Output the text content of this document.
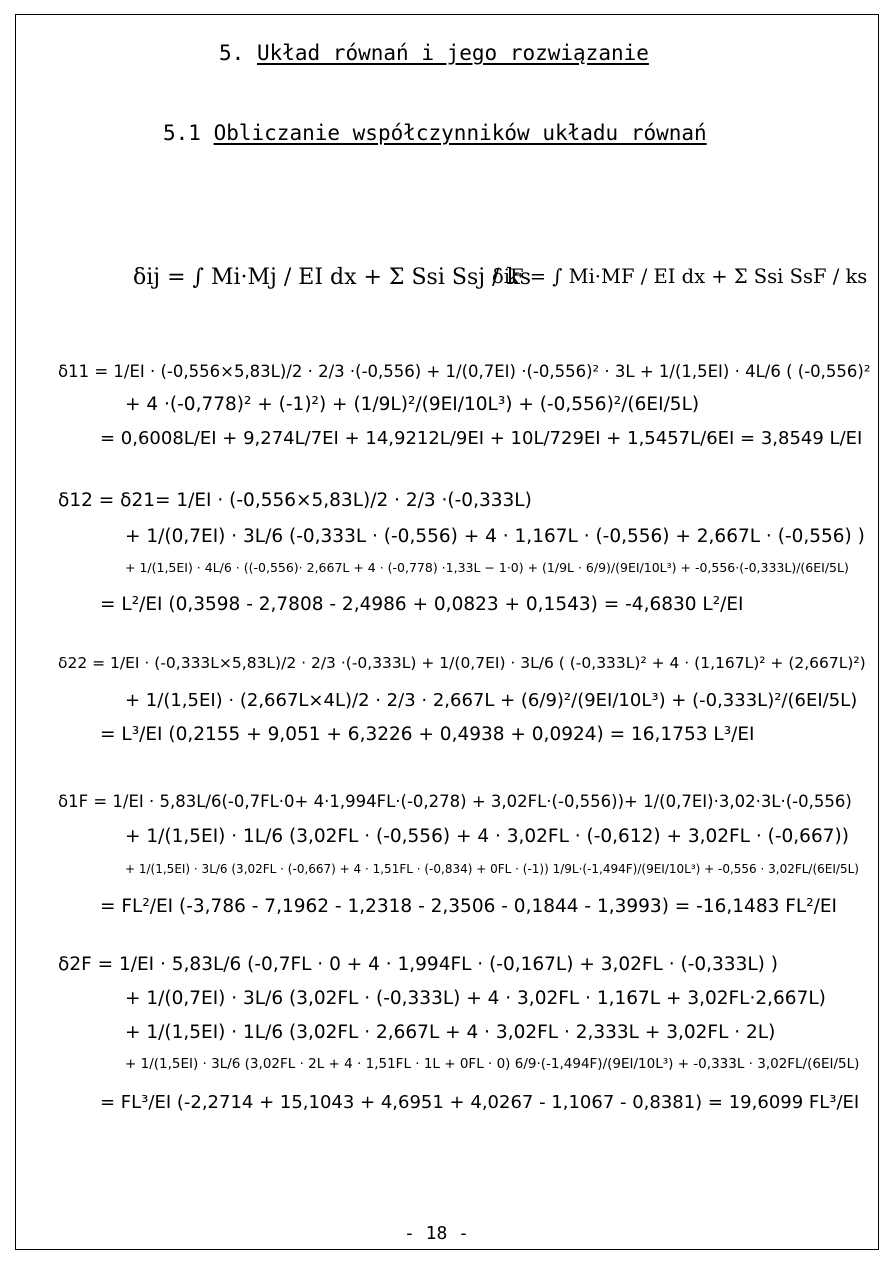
5. Układ równań i jego rozwiązanie
5.1 Obliczanie współczynników układu równań
δij = ∫ Mi·Mj / EI dx + Σ Ssi Ssj / ks
δiF = ∫ Mi·MF / EI dx + Σ Ssi SsF / ks
δ11 = 1/EI · (-0,556×5,83L)/2 · 2/3 ·(-0,556) + 1/(0,7EI) ·(-0,556)² · 3L + 1/(1,5EI) · 4L/6 ( (-0,556)²
+ 4 ·(-0,778)² + (-1)²) + (1/9L)²/(9EI/10L³) + (-0,556)²/(6EI/5L)
= 0,6008L/EI + 9,274L/7EI + 14,9212L/9EI + 10L/729EI + 1,5457L/6EI = 3,8549 L/EI
δ12 = δ21= 1/EI · (-0,556×5,83L)/2 · 2/3 ·(-0,333L)
+ 1/(0,7EI) · 3L/6 (-0,333L · (-0,556) + 4 · 1,167L · (-0,556) + 2,667L · (-0,556) )
+ 1/(1,5EI) · 4L/6 · ((-0,556)· 2,667L + 4 · (-0,778) ·1,33L − 1·0) + (1/9L · 6/9)/(9EI/10L³) + -0,556·(-0,333L)/(6EI/5L)
= L²/EI (0,3598 - 2,7808 - 2,4986 + 0,0823 + 0,1543) = -4,6830 L²/EI
δ22 = 1/EI · (-0,333L×5,83L)/2 · 2/3 ·(-0,333L) + 1/(0,7EI) · 3L/6 ( (-0,333L)² + 4 · (1,167L)² + (2,667L)²)
+ 1/(1,5EI) · (2,667L×4L)/2 · 2/3 · 2,667L + (6/9)²/(9EI/10L³) + (-0,333L)²/(6EI/5L)
= L³/EI (0,2155 + 9,051 + 6,3226 + 0,4938 + 0,0924) = 16,1753 L³/EI
δ1F = 1/EI · 5,83L/6(-0,7FL·0+ 4·1,994FL·(-0,278) + 3,02FL·(-0,556))+ 1/(0,7EI)·3,02·3L·(-0,556)
+ 1/(1,5EI) · 1L/6 (3,02FL · (-0,556) + 4 · 3,02FL · (-0,612) + 3,02FL · (-0,667))
+ 1/(1,5EI) · 3L/6 (3,02FL · (-0,667) + 4 · 1,51FL · (-0,834) + 0FL · (-1)) 1/9L·(-1,494F)/(9EI/10L³) + -0,556 · 3,02FL/(6EI/5L)
= FL²/EI (-3,786 - 7,1962 - 1,2318 - 2,3506 - 0,1844 - 1,3993) = -16,1483 FL²/EI
δ2F = 1/EI · 5,83L/6 (-0,7FL · 0 + 4 · 1,994FL · (-0,167L) + 3,02FL · (-0,333L) )
+ 1/(0,7EI) · 3L/6 (3,02FL · (-0,333L) + 4 · 3,02FL · 1,167L + 3,02FL·2,667L)
+ 1/(1,5EI) · 1L/6 (3,02FL · 2,667L + 4 · 3,02FL · 2,333L + 3,02FL · 2L)
+ 1/(1,5EI) · 3L/6 (3,02FL · 2L + 4 · 1,51FL · 1L + 0FL · 0) 6/9·(-1,494F)/(9EI/10L³) + -0,333L · 3,02FL/(6EI/5L)
= FL³/EI (-2,2714 + 15,1043 + 4,6951 + 4,0267 - 1,1067 - 0,8381) = 19,6099 FL³/EI
- 18 -
